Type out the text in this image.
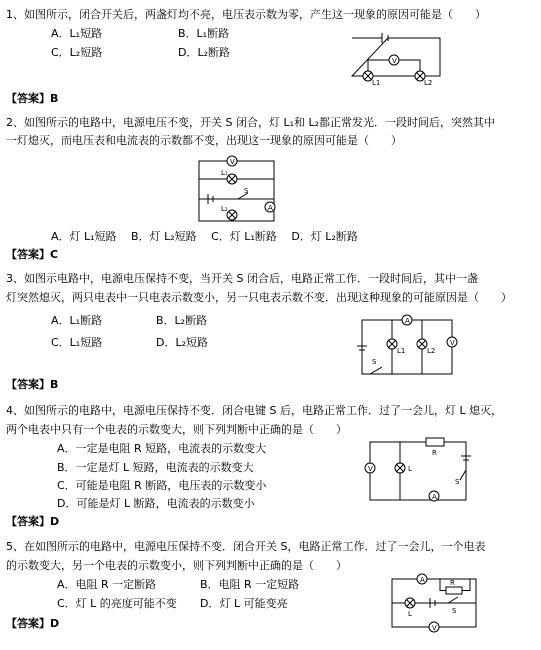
1、如图所示，闭合开关后，两盏灯均不亮，电压表示数为零，产生这一现象的原因可能是（　　）
A．L₁短路	B．L₁断路
C．L₂短路	D．L₂断路
V
L1	L2
【答案】B
2、如图所示的电路中，电源电压不变，开关 S 闭合，灯 L₁和 L₂都正常发光．一段时间后，突然其中
一灯熄灭，而电压表和电流表的示数都不变，出现这一现象的原因可能是（　　）
V
L₁
S
L₂	A
A．灯 L₁短路　 B．灯 L₂短路　 C．灯 L₁断路　 D．灯 L₂断路
【答案】C
3、如图示电路中，电源电压保持不变，当开关 S 闭合后，电路正常工作．一段时间后，其中一盏
灯突然熄灭，两只电表中一只电表示数变小，另一只电表示数不变．出现这种现象的可能原因是（　　）
A．L₁断路	B．L₂断路
C．L₁短路	D．L₂短路
A
V
L1	L2
S
【答案】B
4、如图所示的电路中，电源电压保持不变．闭合电键 S 后，电路正常工作．过了一会儿，灯 L 熄灭，
两个电表中只有一个电表的示数变大，则下列判断中正确的是（　　）
A．一定是电阻 R 短路，电流表的示数变大
B．一定是灯 L 短路，电流表的示数变大
C．可能是电阻 R 断路，电压表的示数变小
D．可能是灯 L 断路，电流表的示数变小
R
V	L
A
S
【答案】D
5、在如图所示的电路中，电源电压保持不变．闭合开关 S，电路正常工作．过了一会儿，一个电表
的示数变大，另一个电表的示数变小，则下列判断中正确的是（　　）
A．电阻 R 一定断路	B．电阻 R 一定短路
C．灯 L 的亮度可能不变 D．灯 L 可能变亮
A	R
L	S
V
【答案】D
